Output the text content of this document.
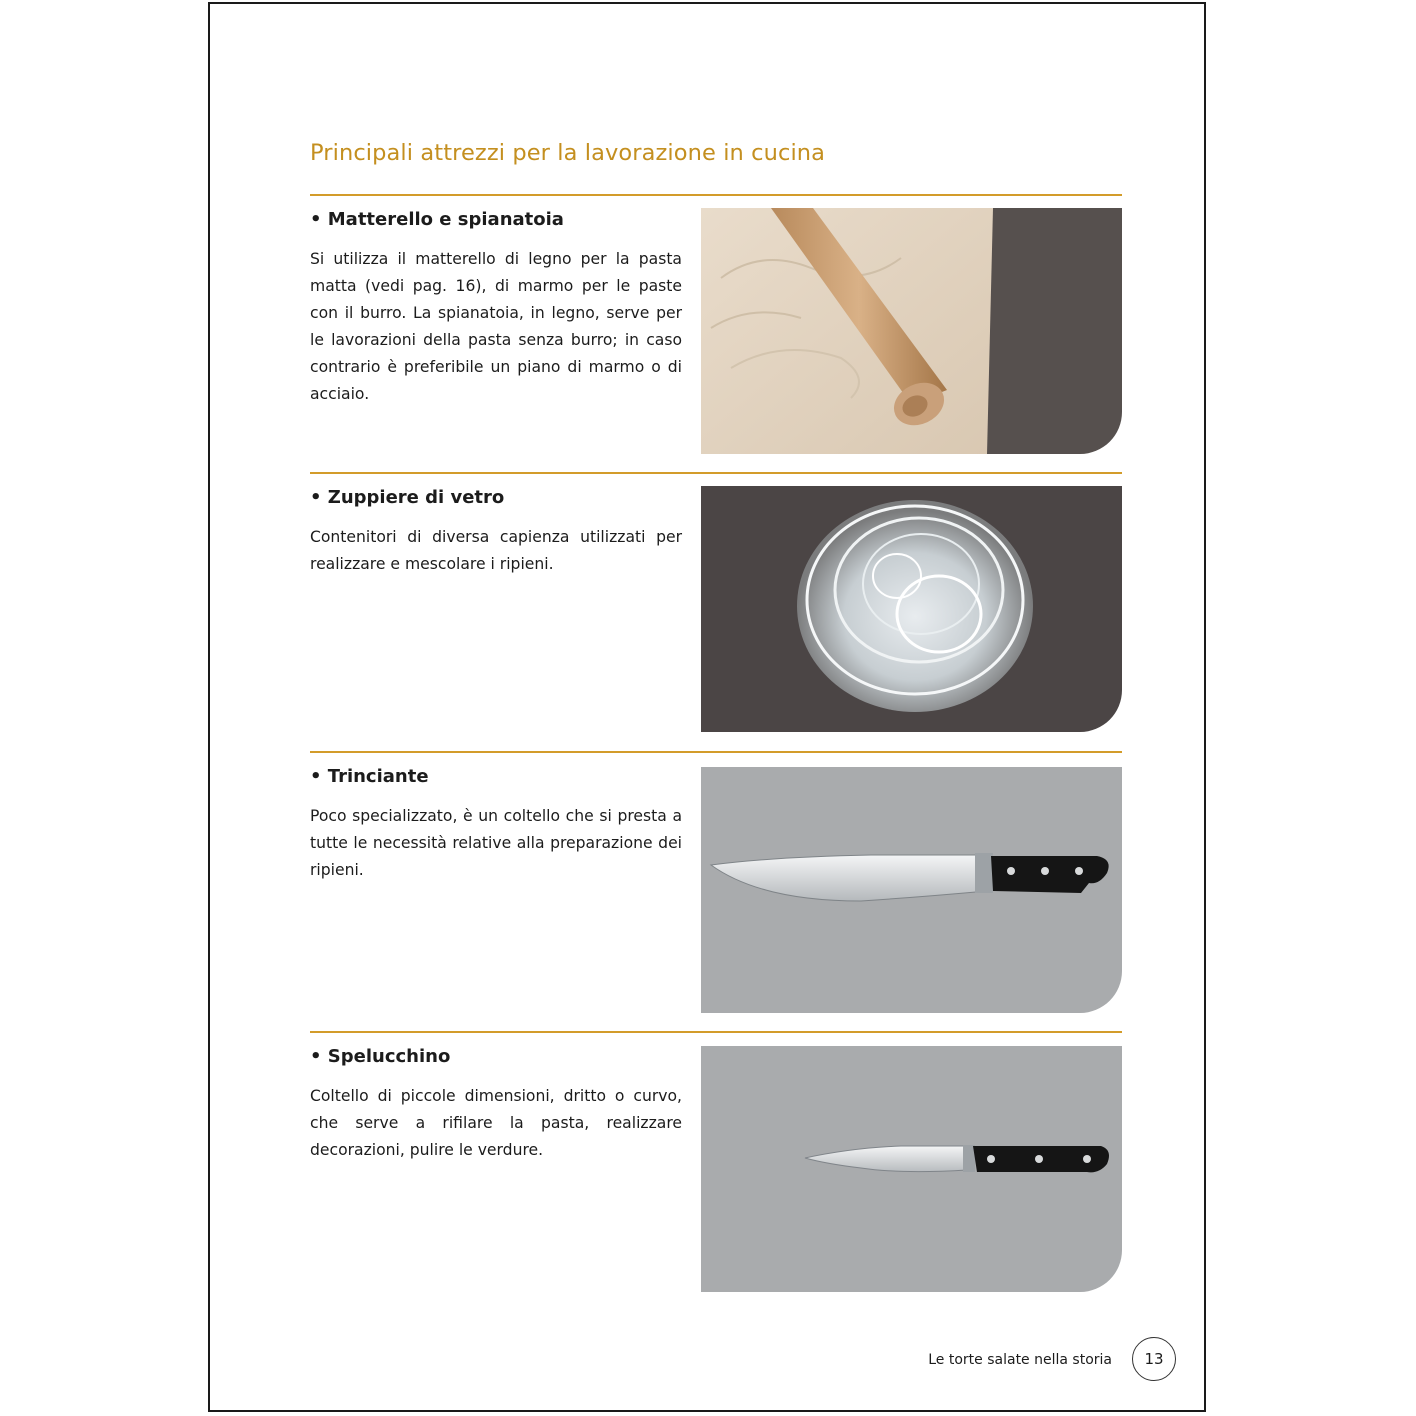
Principali attrezzi per la lavorazione in cucina
• Matterello e spianatoia
Si utilizza il matterello di legno per la pasta matta (vedi pag. 16), di marmo per le paste con il burro. La spianatoia, in legno, serve per le lavorazioni della pasta senza burro; in caso contrario è preferibile un piano di marmo o di acciaio.
• Zuppiere di vetro
Contenitori di diversa capienza utilizzati per realizzare e mescolare i ripieni.
• Trinciante
Poco specializzato, è un coltello che si presta a tutte le necessità relative alla preparazione dei ripieni.
• Spelucchino
Coltello di piccole dimensioni, dritto o curvo, che serve a rifilare la pasta, realizzare decorazioni, pulire le verdure.
Le torte salate nella storia	13
